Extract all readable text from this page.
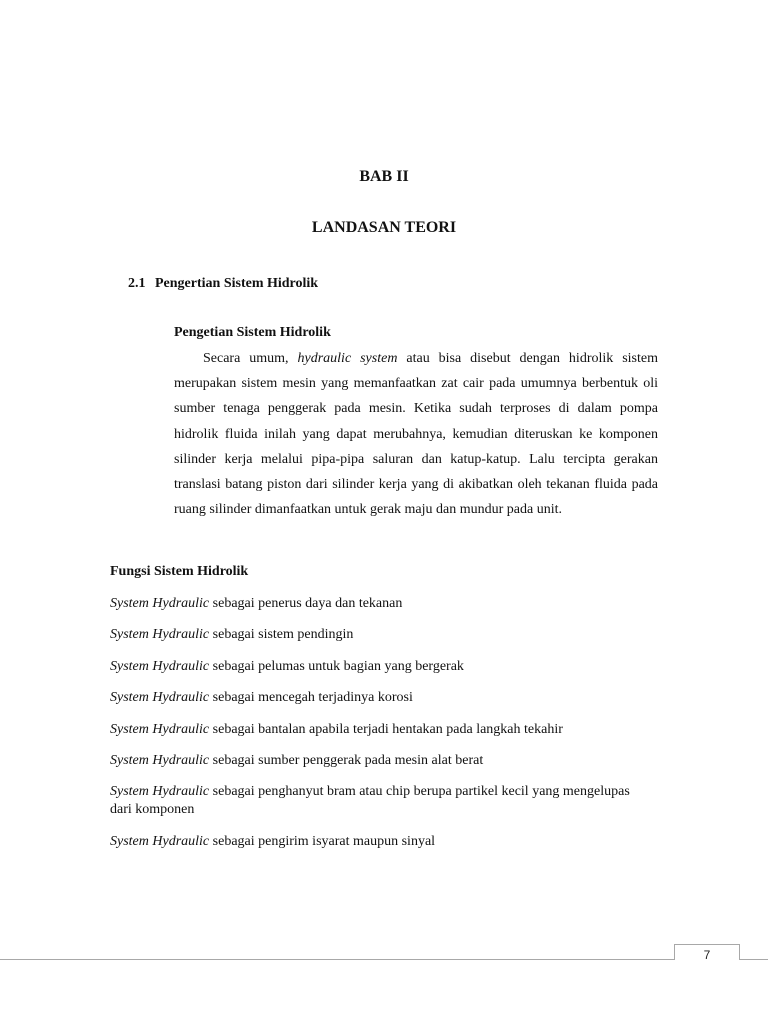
BAB II
LANDASAN TEORI
2.1 Pengertian Sistem Hidrolik
Pengetian Sistem Hidrolik

Secara umum, hydraulic system atau bisa disebut dengan hidrolik sistem merupakan sistem mesin yang memanfaatkan zat cair pada umumnya berbentuk oli sumber tenaga penggerak pada mesin. Ketika sudah terproses di dalam pompa hidrolik fluida inilah yang dapat merubahnya, kemudian diteruskan ke komponen silinder kerja melalui pipa-pipa saluran dan katup-katup. Lalu tercipta gerakan translasi batang piston dari silinder kerja yang di akibatkan oleh tekanan fluida pada ruang silinder dimanfaatkan untuk gerak maju dan mundur pada unit.

Fungsi Sistem Hidrolik
System Hydraulic sebagai penerus daya dan tekanan
System Hydraulic sebagai sistem pendingin
System Hydraulic sebagai pelumas untuk bagian yang bergerak
System Hydraulic sebagai mencegah terjadinya korosi
System Hydraulic sebagai bantalan apabila terjadi hentakan pada langkah tekahir
System Hydraulic sebagai sumber penggerak pada mesin alat berat
System Hydraulic sebagai penghanyut bram atau chip berupa partikel kecil yang mengelupas dari komponen
System Hydraulic sebagai pengirim isyarat maupun sinyal
7
